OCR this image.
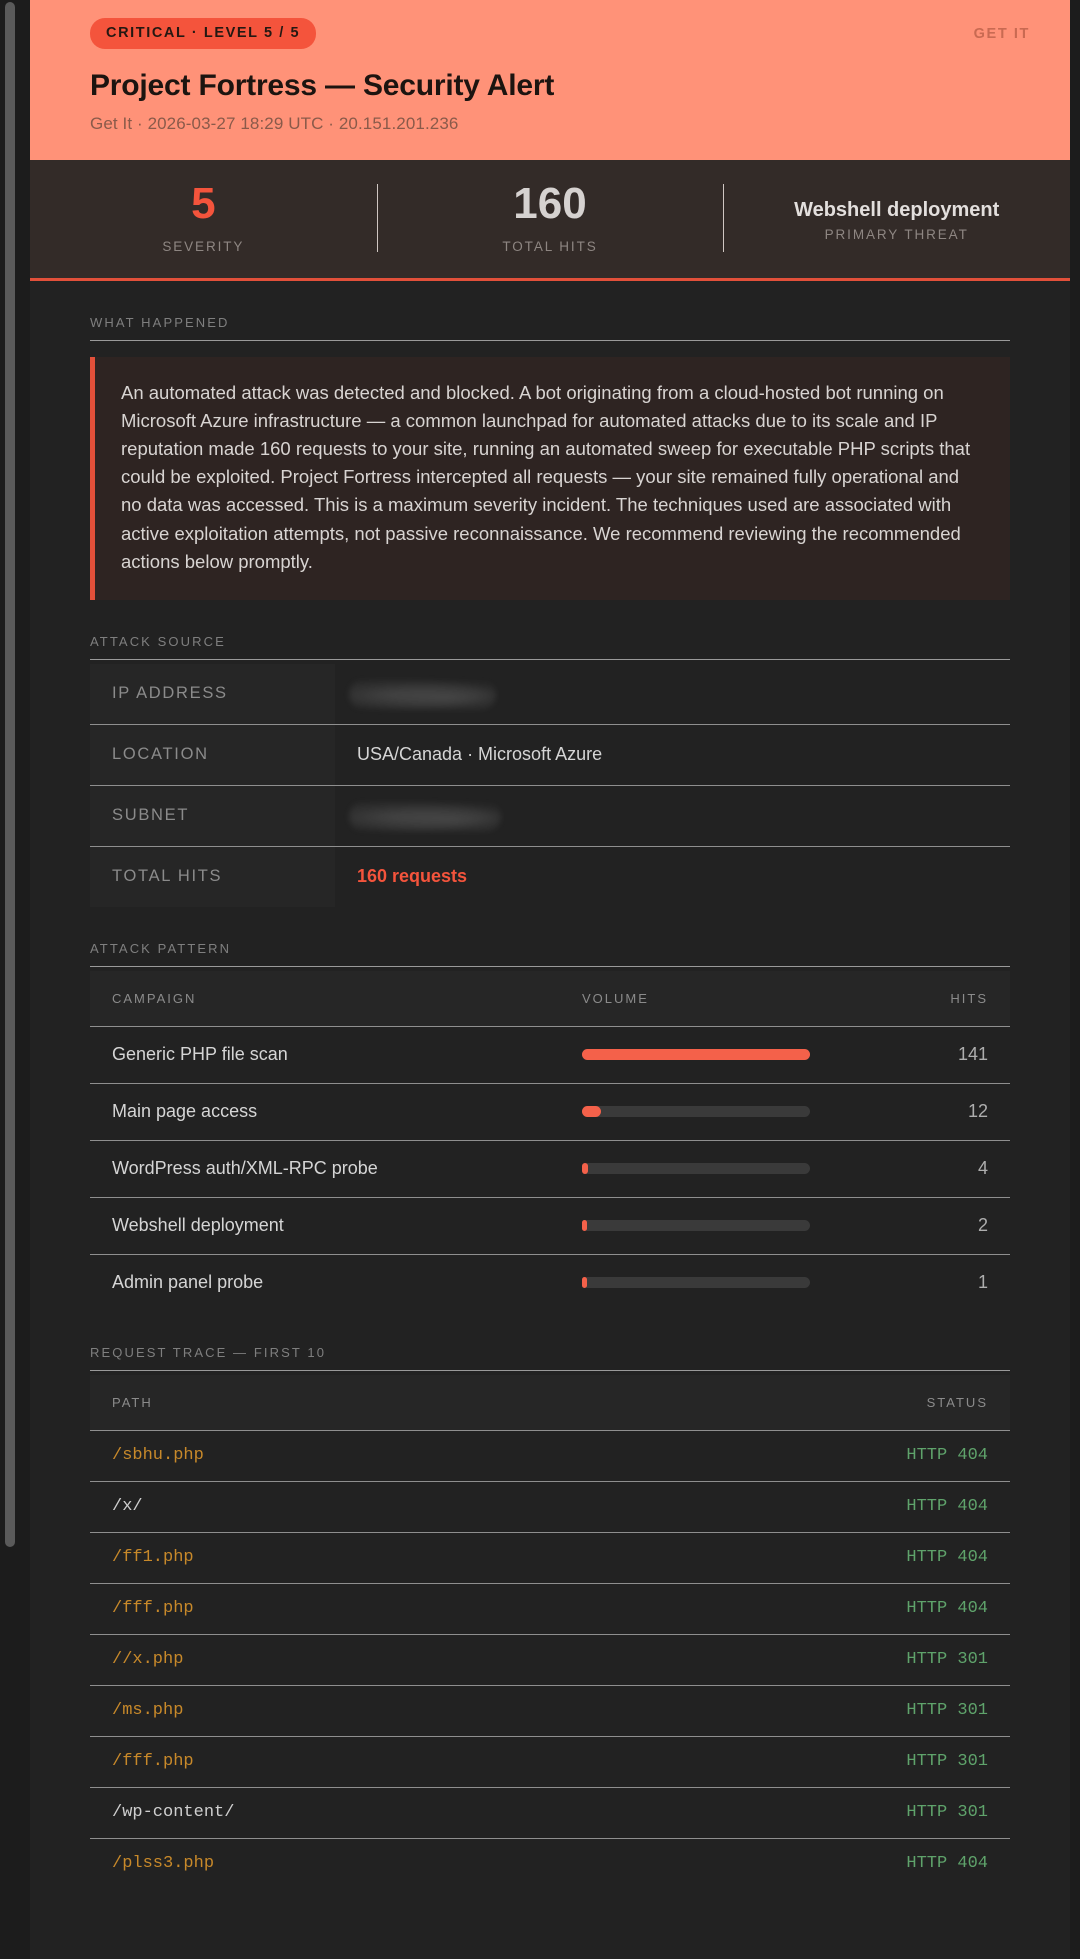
CRITICAL · LEVEL 5 / 5	GET IT
Project Fortress — Security Alert
Get It · 2026-03-27 18:29 UTC · 20.151.201.236
5
SEVERITY
160
TOTAL HITS
Webshell deployment
PRIMARY THREAT
WHAT HAPPENED

An automated attack was detected and blocked. A bot originating from a cloud-hosted bot running on Microsoft Azure infrastructure — a common launchpad for automated attacks due to its scale and IP reputation made 160 requests to your site, running an automated sweep for executable PHP scripts that could be exploited. Project Fortress intercepted all requests — your site remained fully operational and no data was accessed. This is a maximum severity incident. The techniques used are associated with active exploitation attempts, not passive reconnaissance. We recommend reviewing the recommended actions below promptly.

ATTACK SOURCE
IP ADDRESS	
LOCATION	USA/Canada · Microsoft Azure
SUBNET	
TOTAL HITS	160 requests
ATTACK PATTERN
CAMPAIGN	VOLUME	HITS
Generic PHP file scan		141
Main page access		12
WordPress auth/XML-RPC probe		4
Webshell deployment		2
Admin panel probe		1
REQUEST TRACE — FIRST 10
PATH	STATUS
/sbhu.php	HTTP 404
/x/	HTTP 404
/ff1.php	HTTP 404
/fff.php	HTTP 404
//x.php	HTTP 301
/ms.php	HTTP 301
/fff.php	HTTP 301
/wp-content/	HTTP 301
/plss3.php	HTTP 404
